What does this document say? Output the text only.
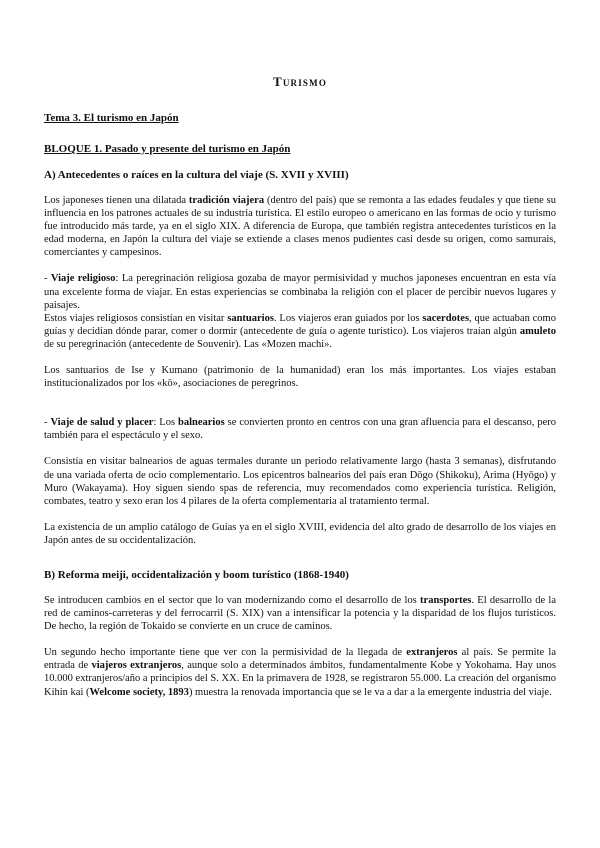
Turismo
Tema 3. El turismo en Japón
BLOQUE 1. Pasado y presente del turismo en Japón
A) Antecedentes o raíces en la cultura del viaje (S. XVII y XVIII)

Los japoneses tienen una dilatada tradición viajera (dentro del país) que se remonta a las edades feudales y que tiene su influencia en los patrones actuales de su industria turística. El estilo europeo o americano en las formas de ocio y turismo fue introducido más tarde, ya en el siglo XIX. A diferencia de Europa, que también registra antecedentes turísticos en la edad moderna, en Japón la cultura del viaje se extiende a clases menos pudientes casi desde su origen, como samurais, comerciantes y campesinos.

- Viaje religioso: La peregrinación religiosa gozaba de mayor permisividad y muchos japoneses encuentran en esta vía una excelente forma de viajar. En estas experiencias se combinaba la religión con el placer de percibir nuevos lugares y paisajes.

Estos viajes religiosos consistían en visitar santuarios. Los viajeros eran guiados por los sacerdotes, que actuaban como guías y decidían dónde parar, comer o dormir (antecedente de guía o agente turístico). Los viajeros traían algún amuleto de su peregrinación (antecedente de Souvenir). Las «Mozen machi».

Los santuarios de Ise y Kumano (patrimonio de la humanidad) eran los más importantes. Los viajes estaban institucionalizados por los «kō», asociaciones de peregrinos.

- Viaje de salud y placer: Los balnearios se convierten pronto en centros con una gran afluencia para el descanso, pero también para el espectáculo y el sexo.

Consistía en visitar balnearios de aguas termales durante un periodo relativamente largo (hasta 3 semanas), disfrutando de una variada oferta de ocio complementario. Los epicentros balnearios del país eran Dōgo (Shikoku), Arima (Hyōgo) y Muro (Wakayama). Hoy siguen siendo spas de referencia, muy recomendados como experiencia turística. Religión, combates, teatro y sexo eran los 4 pilares de la oferta complementaria al tratamiento termal.

La existencia de un amplio catálogo de Guías ya en el siglo XVIII, evidencia del alto grado de desarrollo de los viajes en Japón antes de su occidentalización.

B) Reforma meiji, occidentalización y boom turístico (1868-1940)

Se introducen cambios en el sector que lo van modernizando como el desarrollo de los transportes. El desarrollo de la red de caminos-carreteras y del ferrocarril (S. XIX) van a intensificar la potencia y la disparidad de los flujos turísticos. De hecho, la región de Tokaido se convierte en un cruce de caminos.

Un segundo hecho importante tiene que ver con la permisividad de la llegada de extranjeros al país. Se permite la entrada de viajeros extranjeros, aunque solo a determinados ámbitos, fundamentalmente Kobe y Yokohama. Hay unos 10.000 extranjeros/año a principios del S. XX. En la primavera de 1928, se registraron 55.000. La creación del organismo Kihin kai (Welcome society, 1893) muestra la renovada importancia que se le va a dar a la emergente industria del viaje.
